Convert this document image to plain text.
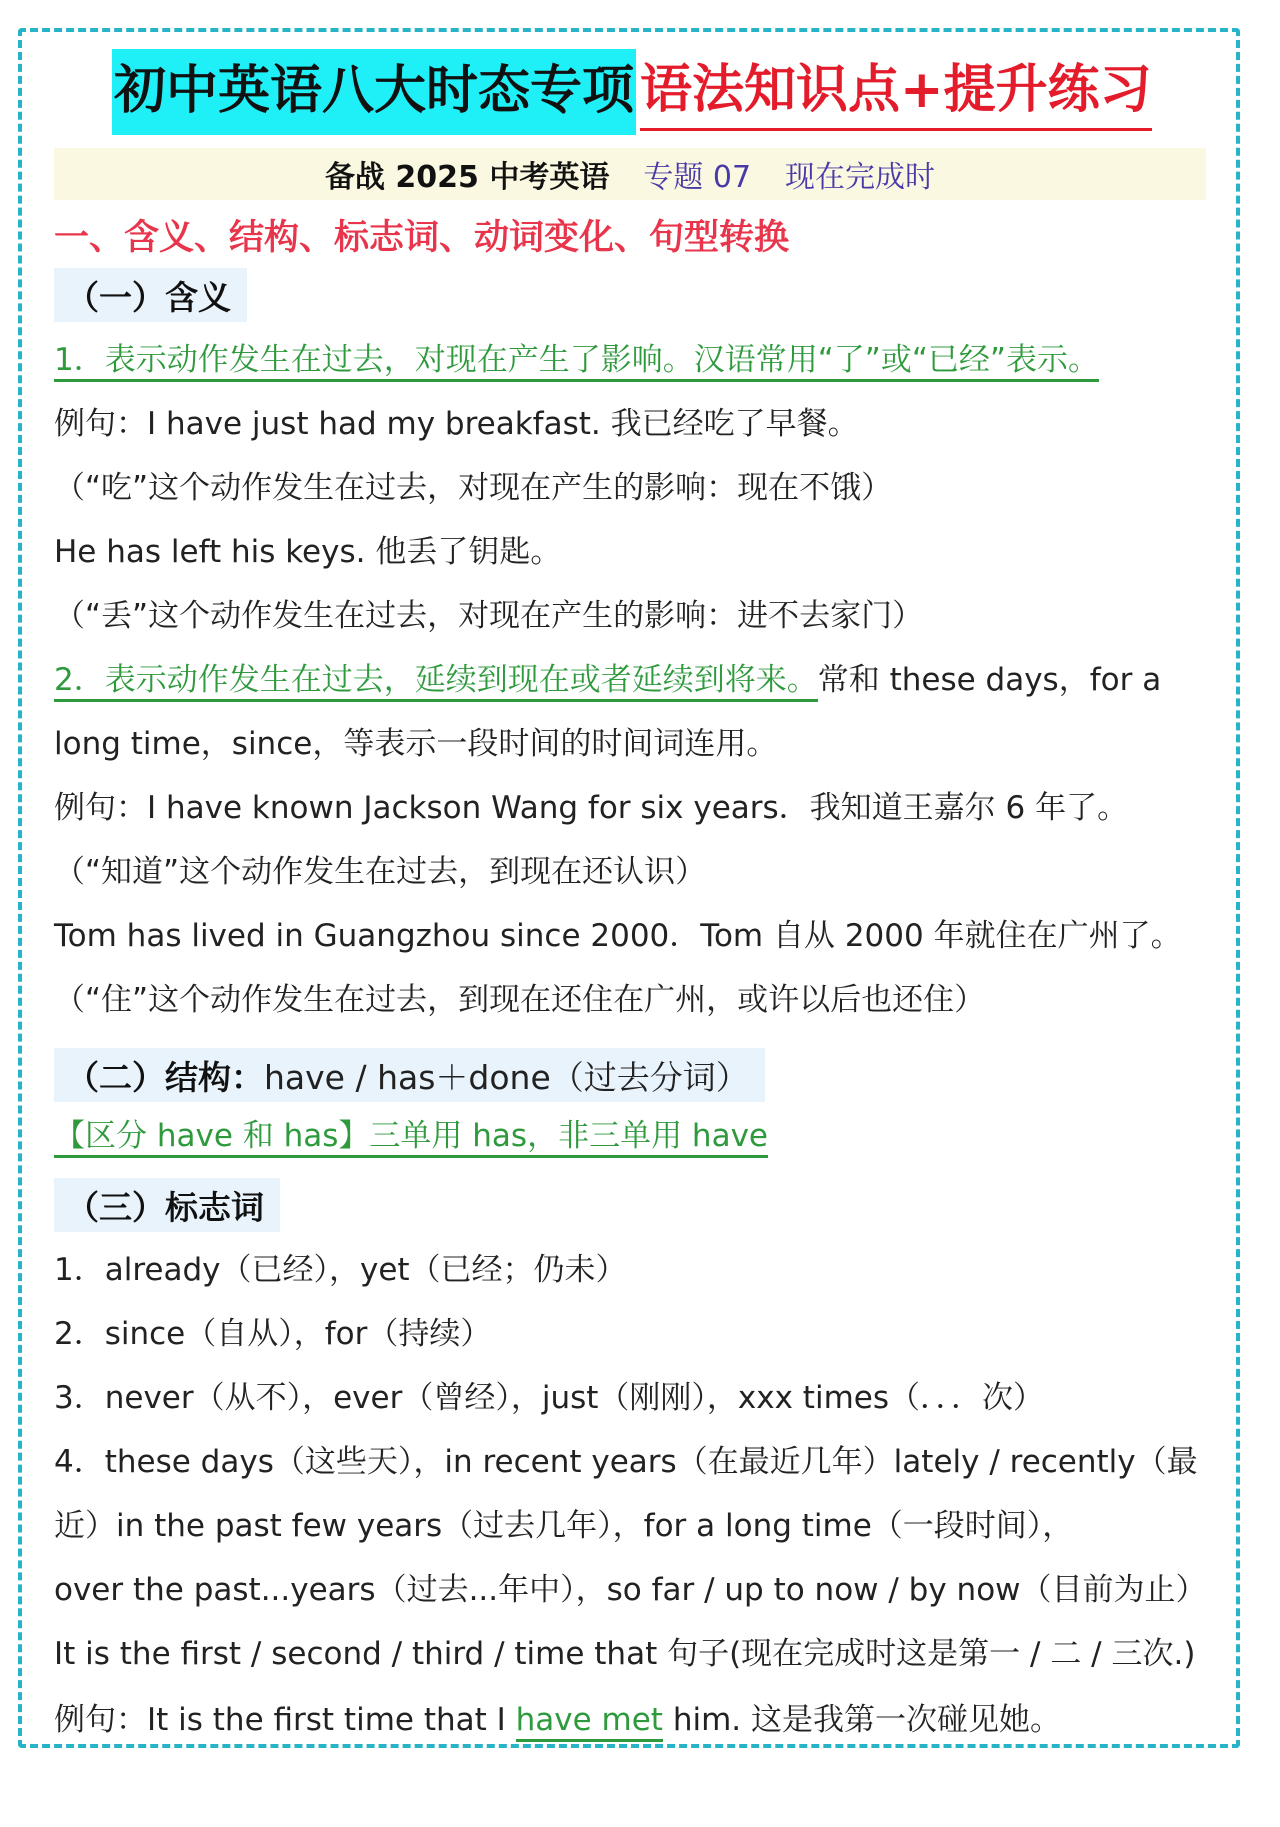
初中英语八大时态专项 语法知识点+提升练习
备战 2025 中考英语 专题 07 现在完成时
一、含义、结构、标志词、动词变化、句型转换
（一）含义
1．表示动作发生在过去，对现在产生了影响。汉语常用“了”或“已经”表示。
例句：I have just had my breakfast. 我已经吃了早餐。
（“吃”这个动作发生在过去，对现在产生的影响：现在不饿）
He has left his keys. 他丢了钥匙。
（“丢”这个动作发生在过去，对现在产生的影响：进不去家门）
2．表示动作发生在过去，延续到现在或者延续到将来。常和 these days，for a
long time，since，等表示一段时间的时间词连用。
例句：I have known Jackson Wang for six years．我知道王嘉尔 6 年了。
（“知道”这个动作发生在过去，到现在还认识）
Tom has lived in Guangzhou since 2000．Tom 自从 2000 年就住在广州了。
（“住”这个动作发生在过去，到现在还住在广州，或许以后也还住）
（二）结构： have / has＋done（过去分词）
【区分 have 和 has】三单用 has，非三单用 have
（三）标志词
1．already（已经），yet（已经；仍未）
2．since（自从），for（持续）
3．never（从不），ever（曾经），just（刚刚），xxx times（．．．次）
4．these days（这些天），in recent years（在最近几年）lately / recently（最
近）in the past few years（过去几年），for a long time（一段时间），
over the past...years（过去...年中），so far / up to now / by now（目前为止）
It is the first / second / third / time that 句子(现在完成时这是第一 / 二 / 三次.)
例句：It is the first time that I have met him. 这是我第一次碰见她。
